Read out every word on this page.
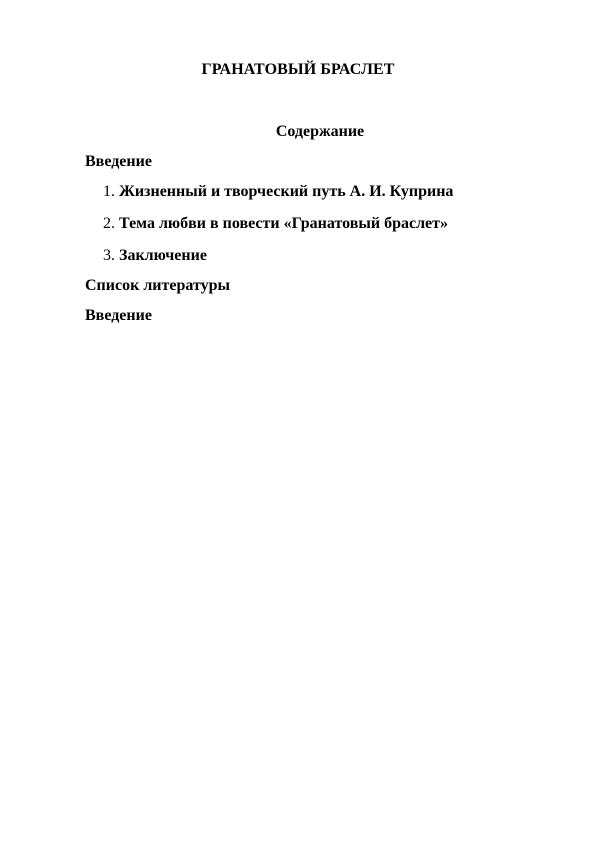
ГРАНАТОВЫЙ БРАСЛЕТ
Содержание
Введение
1. Жизненный и творческий путь А. И. Куприна
2. Тема любви в повести «Гранатовый браслет»
3. Заключение
Список литературы
Введение
